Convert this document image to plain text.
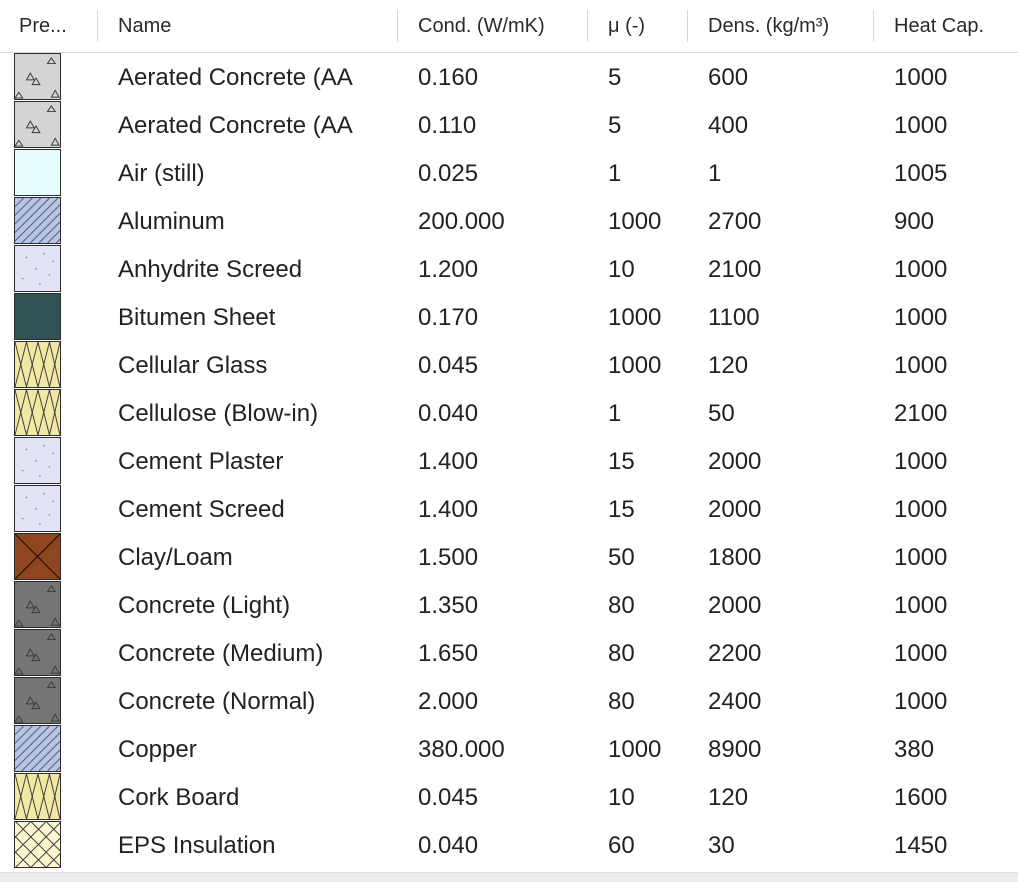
Pre...	Name	Cond. (W/mK)	μ (-)	Dens. (kg/m³)	Heat Cap.
Aerated Concrete (AA	0.160	5	600	1000
Aerated Concrete (AA	0.110	5	400	1000
Air (still)	0.025	1	1	1005
Aluminum	200.000	1000	2700	900
Anhydrite Screed	1.200	10	2100	1000
Bitumen Sheet	0.170	1000	1100	1000
Cellular Glass	0.045	1000	120	1000
Cellulose (Blow-in)	0.040	1	50	2100
Cement Plaster	1.400	15	2000	1000
Cement Screed	1.400	15	2000	1000
Clay/Loam	1.500	50	1800	1000
Concrete (Light)	1.350	80	2000	1000
Concrete (Medium)	1.650	80	2200	1000
Concrete (Normal)	2.000	80	2400	1000
Copper	380.000	1000	8900	380
Cork Board	0.045	10	120	1600
EPS Insulation	0.040	60	30	1450
